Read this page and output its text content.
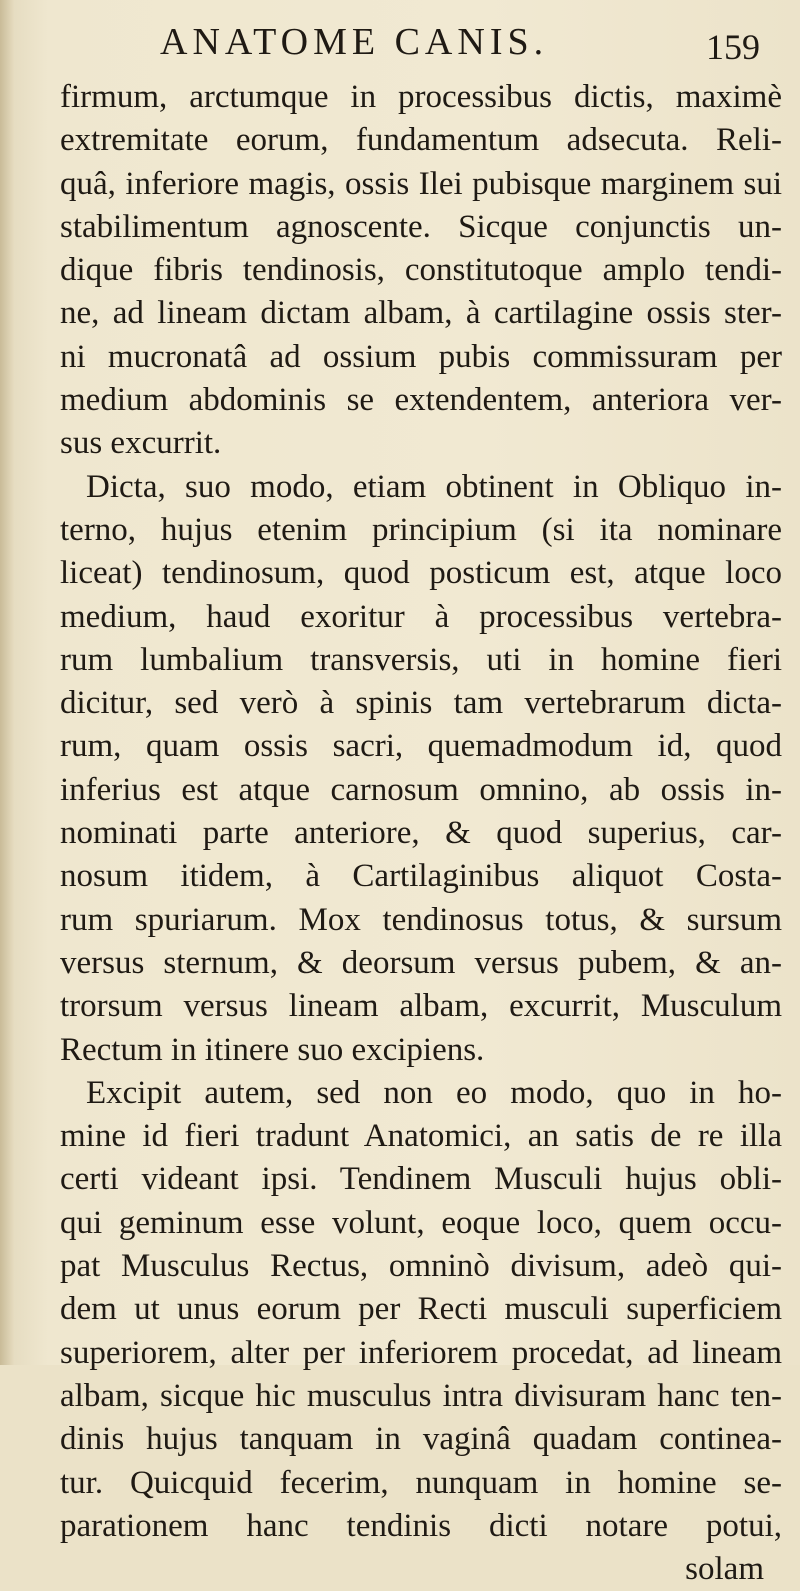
ANATOME CANIS.	159
firmum, arctumque in processibus dictis, maximè
extremitate eorum, fundamentum adsecuta. Reli-
quâ, inferiore magis, ossis Ilei pubisque marginem sui
stabilimentum agnoscente. Sicque conjunctis un-
dique fibris tendinosis, constitutoque amplo tendi-
ne, ad lineam dictam albam, à cartilagine ossis ster-
ni mucronatâ ad ossium pubis commissuram per
medium abdominis se extendentem, anteriora ver-
sus excurrit.
Dicta, suo modo, etiam obtinent in Obliquo in-
terno, hujus etenim principium (si ita nominare
liceat) tendinosum, quod posticum est, atque loco
medium, haud exoritur à processibus vertebra-
rum lumbalium transversis, uti in homine fieri
dicitur, sed verò à spinis tam vertebrarum dicta-
rum, quam ossis sacri, quemadmodum id, quod
inferius est atque carnosum omnino, ab ossis in-
nominati parte anteriore, & quod superius, car-
nosum itidem, à Cartilaginibus aliquot Costa-
rum spuriarum. Mox tendinosus totus, & sursum
versus sternum, & deorsum versus pubem, & an-
trorsum versus lineam albam, excurrit, Musculum
Rectum in itinere suo excipiens.
Excipit autem, sed non eo modo, quo in ho-
mine id fieri tradunt Anatomici, an satis de re illa
certi videant ipsi. Tendinem Musculi hujus obli-
qui geminum esse volunt, eoque loco, quem occu-
pat Musculus Rectus, omninò divisum, adeò qui-
dem ut unus eorum per Recti musculi superficiem
superiorem, alter per inferiorem procedat, ad lineam
albam, sicque hic musculus intra divisuram hanc ten-
dinis hujus tanquam in vaginâ quadam continea-
tur. Quicquid fecerim, nunquam in homine se-
parationem hanc tendinis dicti notare potui,
solam
